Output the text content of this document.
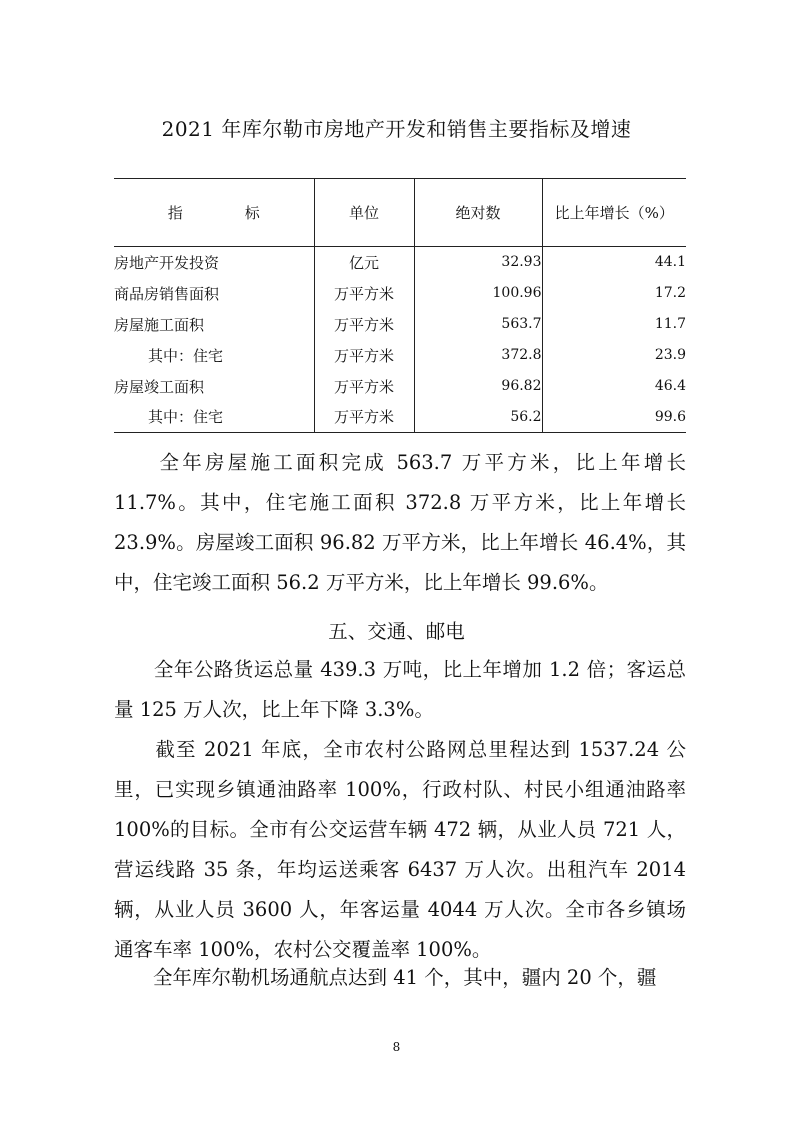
2021 年库尔勒市房地产开发和销售主要指标及增速
指 标	单位	绝对数	比上年增长（%）
房地产开发投资	亿元	32.93	44.1
商品房销售面积	万平方米	100.96	17.2
房屋施工面积	万平方米	563.7	11.7
其中：住宅	万平方米	372.8	23.9
房屋竣工面积	万平方米	96.82	46.4
其中：住宅	万平方米	56.2	99.6

　　全年房屋施工面积完成 563.7 万平方米，比上年增长 11.7%。其中，住宅施工面积 372.8 万平方米，比上年增长 23.9%。房屋竣工面积 96.82 万平方米，比上年增长 46.4%，其中，住宅竣工面积 56.2 万平方米，比上年增长 99.6%。

五、交通、邮电

　　全年公路货运总量 439.3 万吨，比上年增加 1.2 倍；客运总量 125 万人次，比上年下降 3.3%。

　　截至 2021 年底，全市农村公路网总里程达到 1537.24 公里，已实现乡镇通油路率 100%，行政村队、村民小组通油路率 100%的目标。全市有公交运营车辆 472 辆，从业人员 721 人，营运线路 35 条，年均运送乘客 6437 万人次。出租汽车 2014 辆，从业人员 3600 人，年客运量 4044 万人次。全市各乡镇场通客车率 100%，农村公交覆盖率 100%。

　　全年库尔勒机场通航点达到 41 个，其中，疆内 20 个，疆

8
